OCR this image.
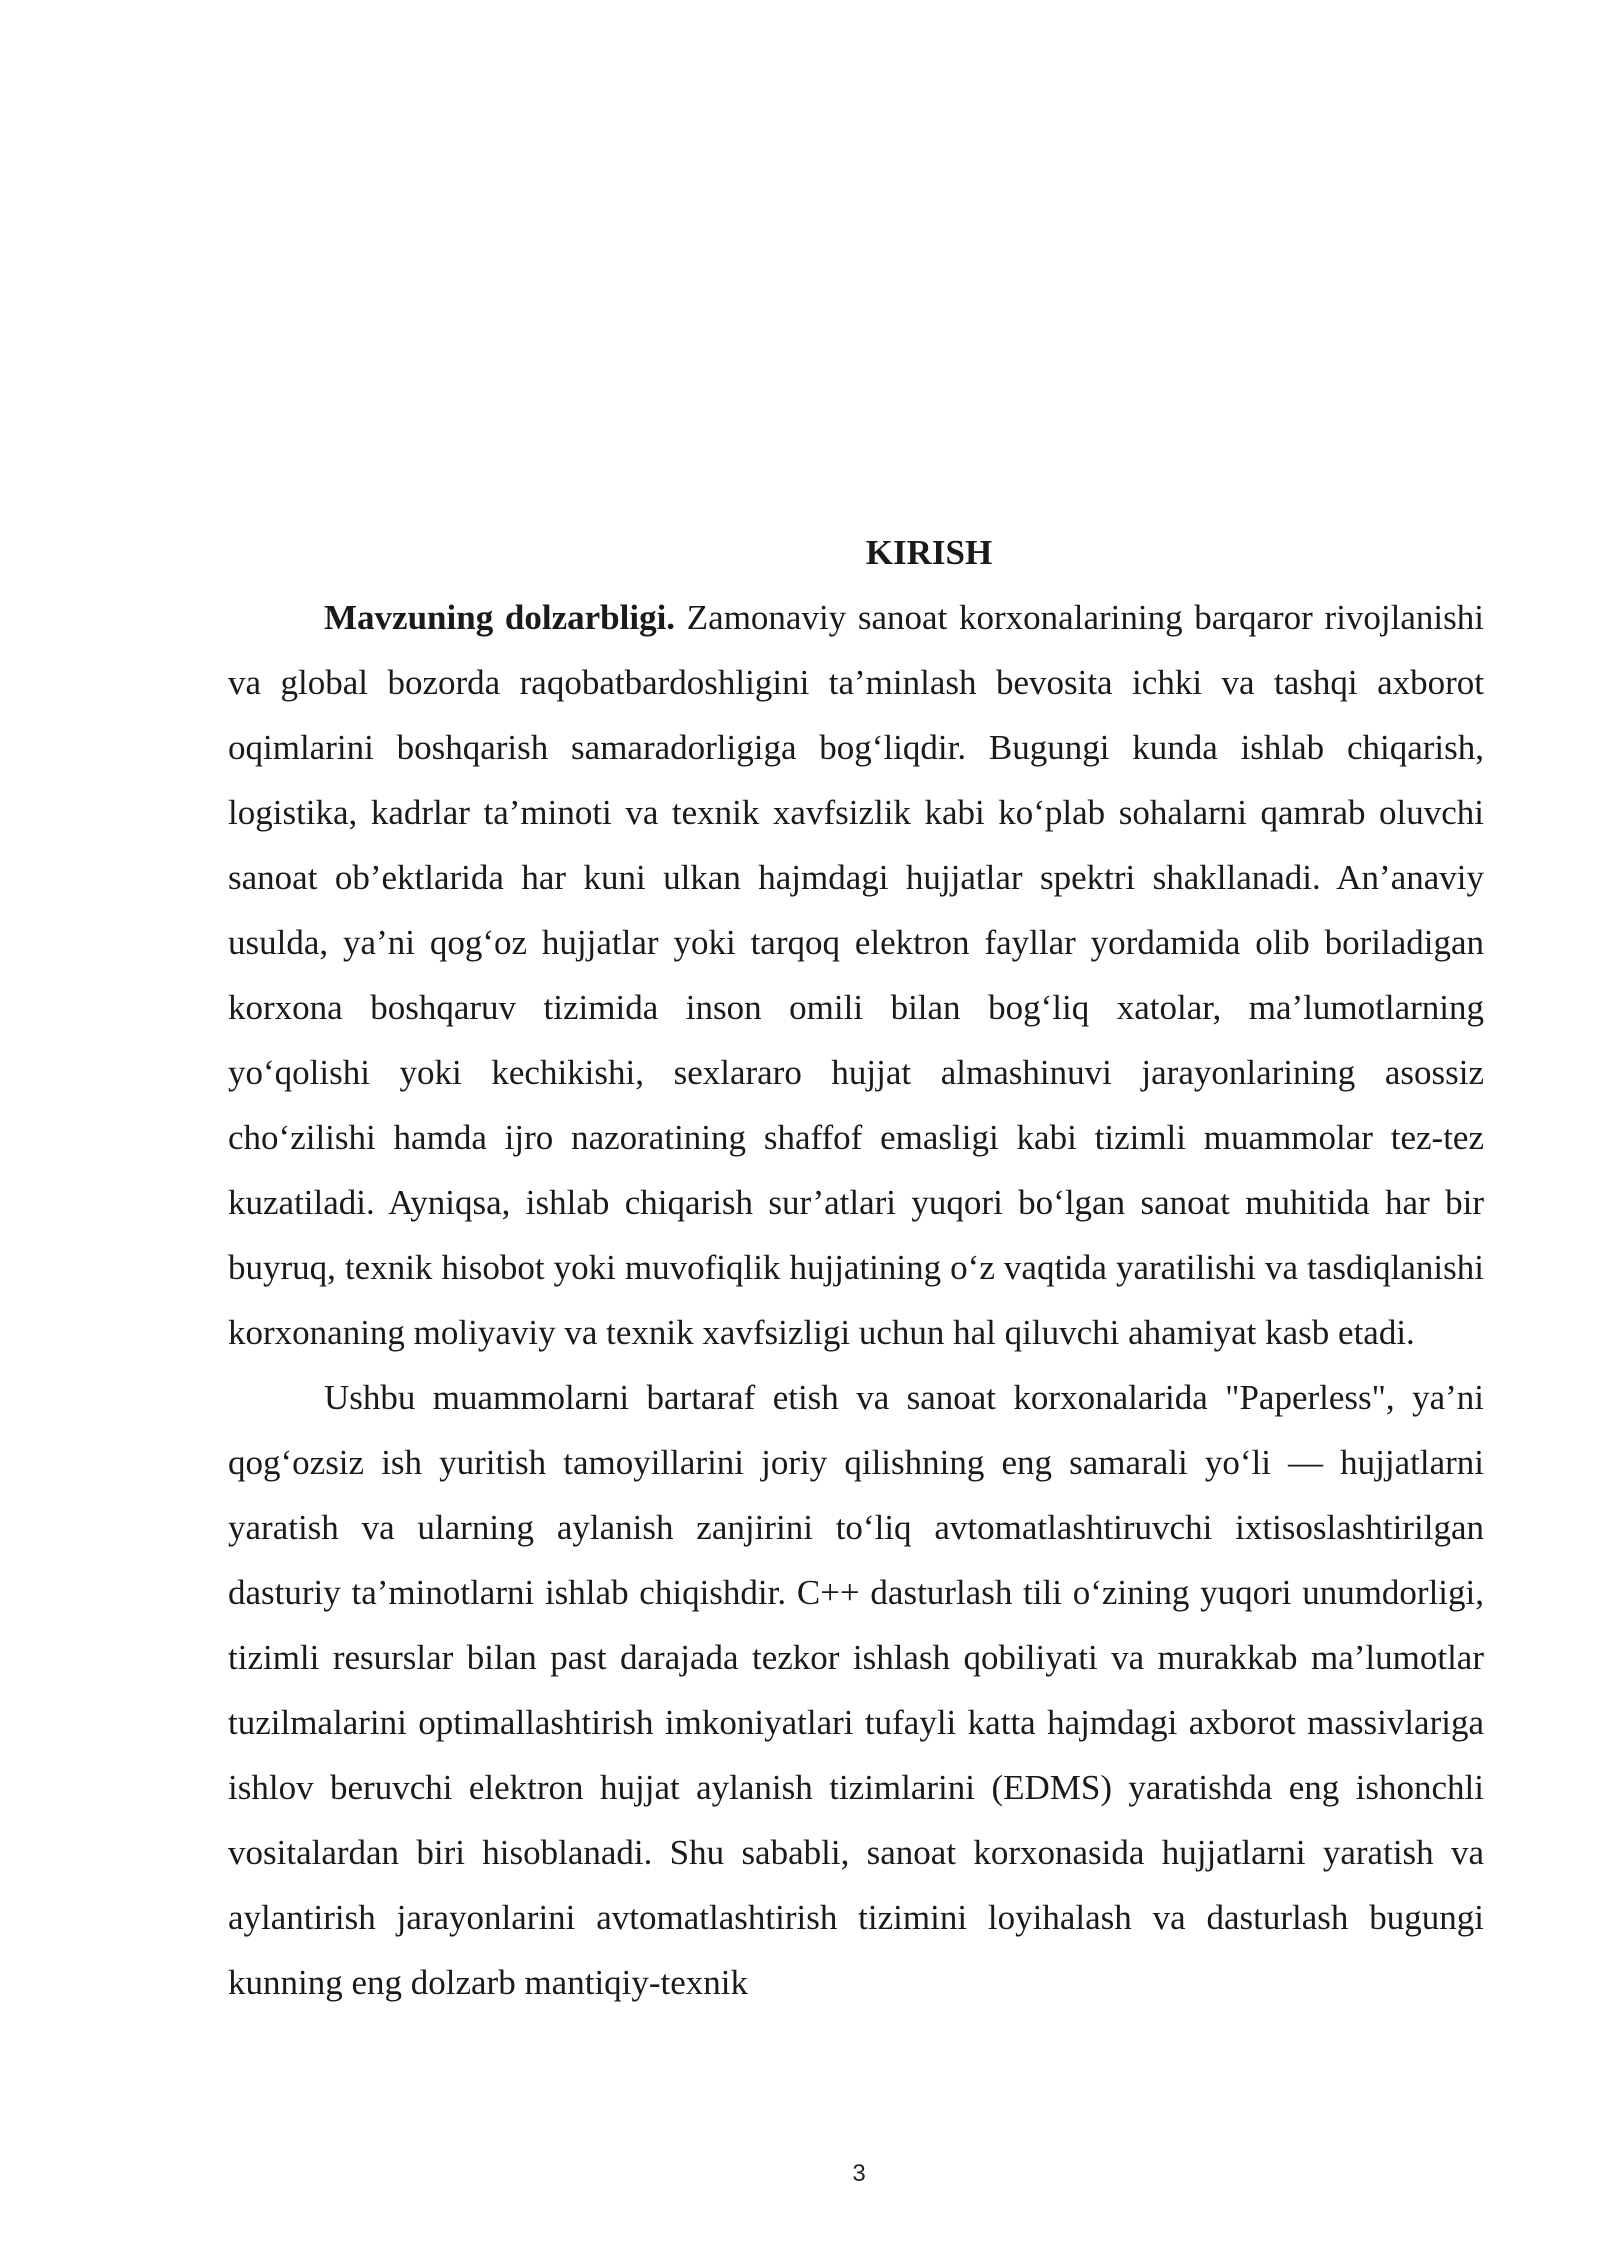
KIRISH

Mavzuning dolzarbligi. Zamonaviy sanoat korxonalarining barqaror rivojlanishi va global bozorda raqobatbardoshligini ta’minlash bevosita ichki va tashqi axborot oqimlarini boshqarish samaradorligiga bog‘liqdir. Bugungi kunda ishlab chiqarish, logistika, kadrlar ta’minoti va texnik xavfsizlik kabi ko‘plab sohalarni qamrab oluvchi sanoat ob’ektlarida har kuni ulkan hajmdagi hujjatlar spektri shakllanadi. An’anaviy usulda, ya’ni qog‘oz hujjatlar yoki tarqoq elektron fayllar yordamida olib boriladigan korxona boshqaruv tizimida inson omili bilan bog‘liq xatolar, ma’lumotlarning yo‘qolishi yoki kechikishi, sexlararo hujjat almashinuvi jarayonlarining asossiz cho‘zilishi hamda ijro nazoratining shaffof emasligi kabi tizimli muammolar tez-tez kuzatiladi. Ayniqsa, ishlab chiqarish sur’atlari yuqori bo‘lgan sanoat muhitida har bir buyruq, texnik hisobot yoki muvofiqlik hujjatining o‘z vaqtida yaratilishi va tasdiqlanishi korxonaning moliyaviy va texnik xavfsizligi uchun hal qiluvchi ahamiyat kasb etadi.

Ushbu muammolarni bartaraf etish va sanoat korxonalarida "Paperless", ya’ni qog‘ozsiz ish yuritish tamoyillarini joriy qilishning eng samarali yo‘li — hujjatlarni yaratish va ularning aylanish zanjirini to‘liq avtomatlashtiruvchi ixtisoslashtirilgan dasturiy ta’minotlarni ishlab chiqishdir. C++ dasturlash tili o‘zining yuqori unumdorligi, tizimli resurslar bilan past darajada tezkor ishlash qobiliyati va murakkab ma’lumotlar tuzilmalarini optimallashtirish imkoniyatlari tufayli katta hajmdagi axborot massivlariga ishlov beruvchi elektron hujjat aylanish tizimlarini (EDMS) yaratishda eng ishonchli vositalardan biri hisoblanadi. Shu sababli, sanoat korxonasida hujjatlarni yaratish va aylantirish jarayonlarini avtomatlashtirish tizimini loyihalash va dasturlash bugungi kunning eng dolzarb mantiqiy-texnik

3
